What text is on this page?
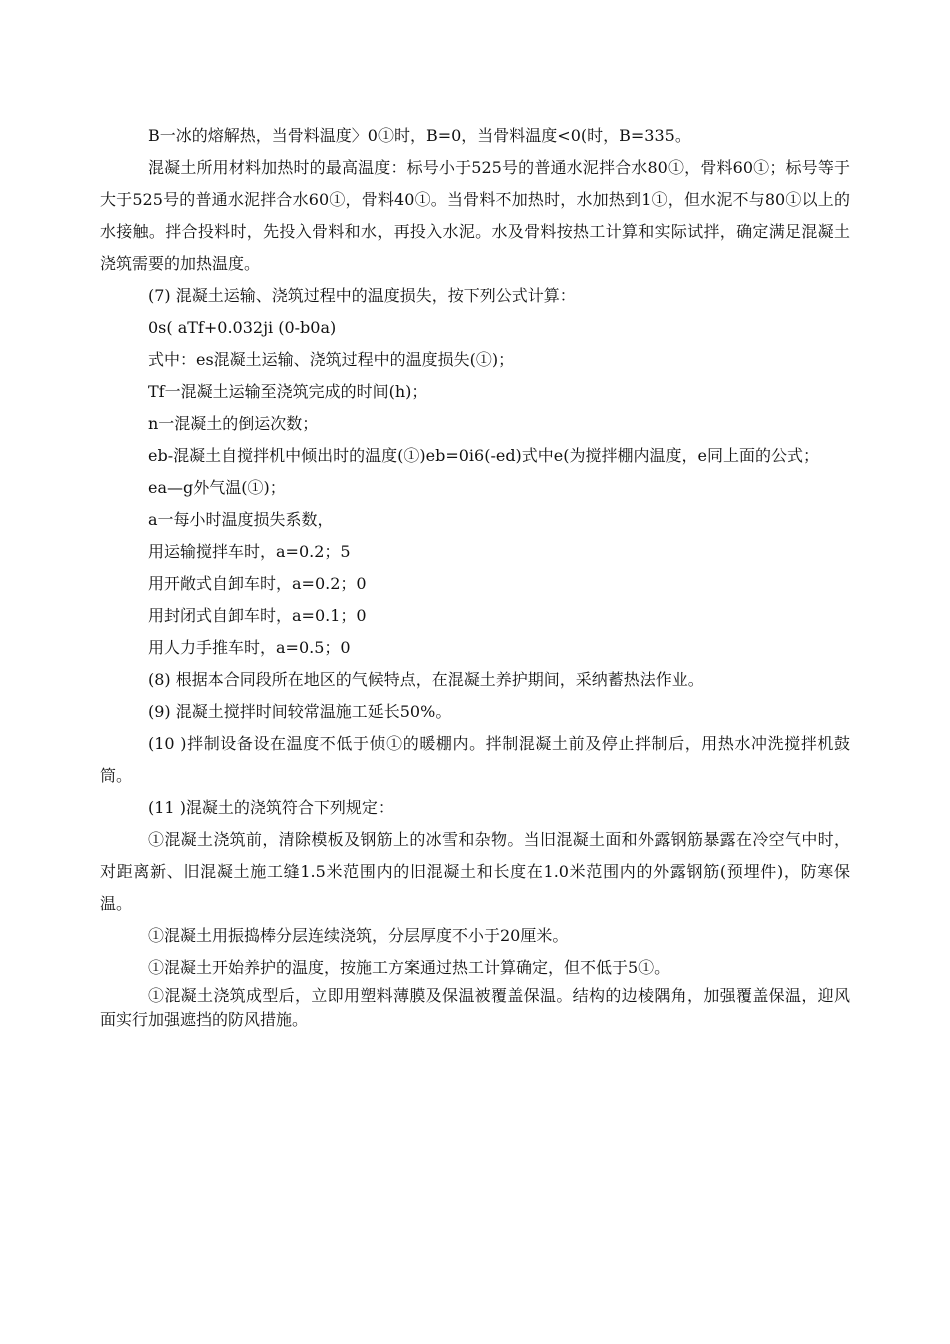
B一冰的熔解热，当骨料温度〉0①时，B=0，当骨料温度<0(时，B=335。

混凝土所用材料加热时的最高温度：标号小于525号的普通水泥拌合水80①，骨料60①；标号等于大于525号的普通水泥拌合水60①，骨料40①。当骨料不加热时，水加热到1①，但水泥不与80①以上的水接触。拌合投料时，先投入骨料和水，再投入水泥。水及骨料按热工计算和实际试拌，确定满足混凝土浇筑需要的加热温度。

(7) 混凝土运输、浇筑过程中的温度损失，按下列公式计算：

0s( aTf+0.032ji (0-b0a)

式中：es混凝土运输、浇筑过程中的温度损失(①)；

Tf一混凝土运输至浇筑完成的时间(h)；

n一混凝土的倒运次数；

eb-混凝土自搅拌机中倾出时的温度(①)eb=0i6(-ed)式中e(为搅拌棚内温度，e同上面的公式；

ea—g外气温(①)；

a一每小时温度损失系数，

用运输搅拌车时，a=0.2；5

用开敞式自卸车时，a=0.2；0

用封闭式自卸车时，a=0.1；0

用人力手推车时，a=0.5；0

(8) 根据本合同段所在地区的气候特点，在混凝土养护期间，采纳蓄热法作业。

(9) 混凝土搅拌时间较常温施工延长50%。

(10 )拌制设备设在温度不低于侦①的暖棚内。拌制混凝土前及停止拌制后，用热水冲洗搅拌机鼓筒。

(11 )混凝土的浇筑符合下列规定：

①混凝土浇筑前，清除模板及钢筋上的冰雪和杂物。当旧混凝土面和外露钢筋暴露在冷空气中时，对距离新、旧混凝土施工缝1.5米范围内的旧混凝土和长度在1.0米范围内的外露钢筋(预埋件)，防寒保温。

①混凝土用振捣棒分层连续浇筑，分层厚度不小于20厘米。

①混凝土开始养护的温度，按施工方案通过热工计算确定，但不低于5①。

①混凝土浇筑成型后，立即用塑料薄膜及保温被覆盖保温。结构的边棱隅角，加强覆盖保温，迎风面实行加强遮挡的防风措施。
